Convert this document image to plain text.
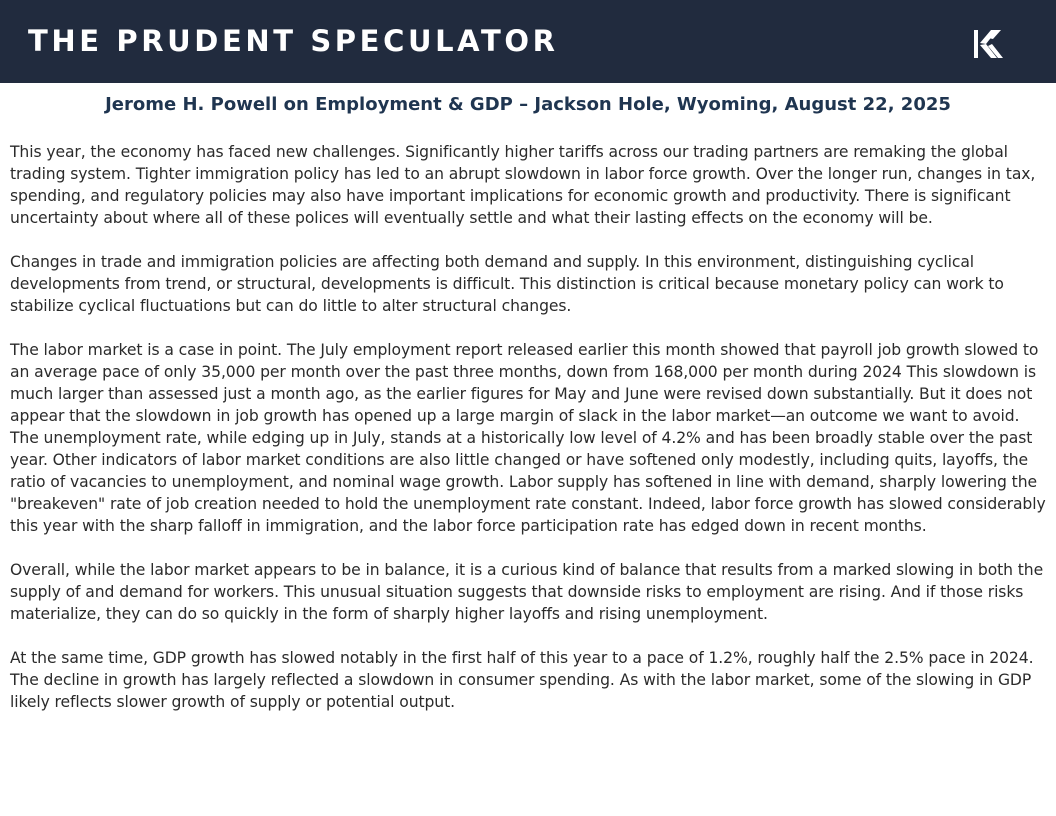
THE PRUDENT SPECULATOR
Jerome H. Powell on Employment & GDP – Jackson Hole, Wyoming, August 22, 2025

This year, the economy has faced new challenges. Significantly higher tariffs across our trading partners are remaking the global trading system. Tighter immigration policy has led to an abrupt slowdown in labor force growth. Over the longer run, changes in tax, spending, and regulatory policies may also have important implications for economic growth and productivity. There is significant uncertainty about where all of these polices will eventually settle and what their lasting effects on the economy will be.

Changes in trade and immigration policies are affecting both demand and supply. In this environment, distinguishing cyclical developments from trend, or structural, developments is difficult. This distinction is critical because monetary policy can work to stabilize cyclical fluctuations but can do little to alter structural changes.

The labor market is a case in point. The July employment report released earlier this month showed that payroll job growth slowed to an average pace of only 35,000 per month over the past three months, down from 168,000 per month during 2024 This slowdown is much larger than assessed just a month ago, as the earlier figures for May and June were revised down substantially. But it does not appear that the slowdown in job growth has opened up a large margin of slack in the labor market—an outcome we want to avoid. The unemployment rate, while edging up in July, stands at a historically low level of 4.2% and has been broadly stable over the past year. Other indicators of labor market conditions are also little changed or have softened only modestly, including quits, layoffs, the ratio of vacancies to unemployment, and nominal wage growth. Labor supply has softened in line with demand, sharply lowering the "breakeven" rate of job creation needed to hold the unemployment rate constant. Indeed, labor force growth has slowed considerably this year with the sharp falloff in immigration, and the labor force participation rate has edged down in recent months.

Overall, while the labor market appears to be in balance, it is a curious kind of balance that results from a marked slowing in both the supply of and demand for workers. This unusual situation suggests that downside risks to employment are rising. And if those risks materialize, they can do so quickly in the form of sharply higher layoffs and rising unemployment.

At the same time, GDP growth has slowed notably in the first half of this year to a pace of 1.2%, roughly half the 2.5% pace in 2024. The decline in growth has largely reflected a slowdown in consumer spending. As with the labor market, some of the slowing in GDP likely reflects slower growth of supply or potential output.
